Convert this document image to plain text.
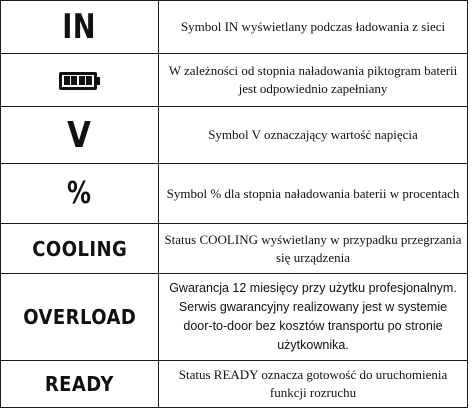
IN	Symbol IN wyświetlany podczas ładowania z sieci

	W zależności od stopnia naładowania piktogram baterii
jest odpowiednio zapełniany
V	Symbol V oznaczający wartość napięcia
%	Symbol % dla stopnia naładowania baterii w procentach
COOLING	Status COOLING wyświetlany w przypadku przegrzania
się urządzenia
OVERLOAD	Gwarancja 12 miesięcy przy użytku profesjonalnym.
Serwis gwarancyjny realizowany jest w systemie
door-to-door bez kosztów transportu po stronie
użytkownika.
READY	Status READY oznacza gotowość do uruchomienia
funkcji rozruchu
